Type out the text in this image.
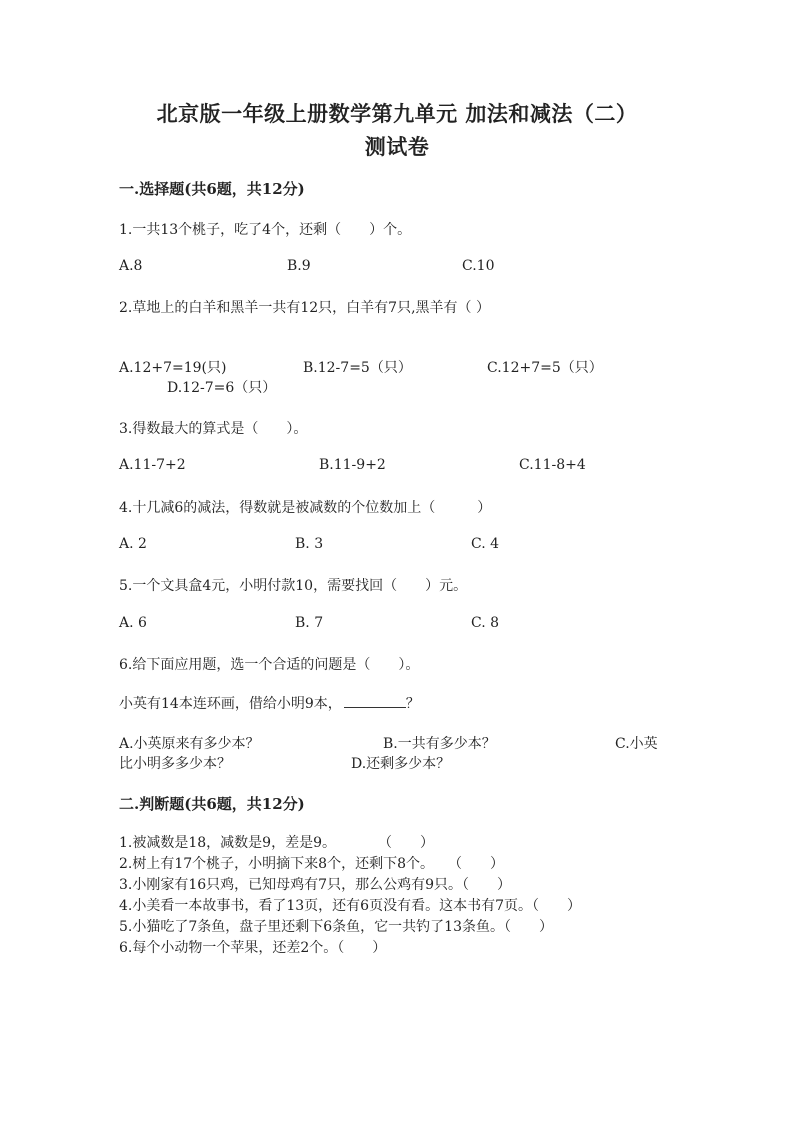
北京版一年级上册数学第九单元 加法和减法（二）
测试卷
一.选择题(共6题，共12分)
1.一共13个桃子，吃了4个，还剩（　　）个。
A.8	B.9	C.10
2.草地上的白羊和黑羊一共有12只，白羊有7只,黑羊有（ ）
A.12+7=19(只)	B.12-7=5（只）	C.12+7=5（只）
D.12-7=6（只）
3.得数最大的算式是（　　）。
A.11-7+2	B.11-9+2	C.11-8+4
4.十几减6的减法，得数就是被减数的个位数加上（　　　）
A. 2	B. 3	C. 4
5.一个文具盒4元，小明付款10，需要找回（　　）元。
A. 6	B. 7	C. 8
6.给下面应用题，选一个合适的问题是（　　）。
小英有14本连环画，借给小明9本，	？
A.小英原来有多少本？	B.一共有多少本？	C.小英
比小明多多少本？	D.还剩多少本？
二.判断题(共6题，共12分)
1.被减数是18，减数是9，差是9。　　　　（　　）
2.树上有17个桃子，小明摘下来8个，还剩下8个。　　（　　）
3.小刚家有16只鸡，已知母鸡有7只，那么公鸡有9只。（　　）
4.小美看一本故事书，看了13页，还有6页没有看。这本书有7页。（　　）
5.小猫吃了7条鱼，盘子里还剩下6条鱼，它一共钓了13条鱼。（　　）
6.每个小动物一个苹果，还差2个。（　　）
